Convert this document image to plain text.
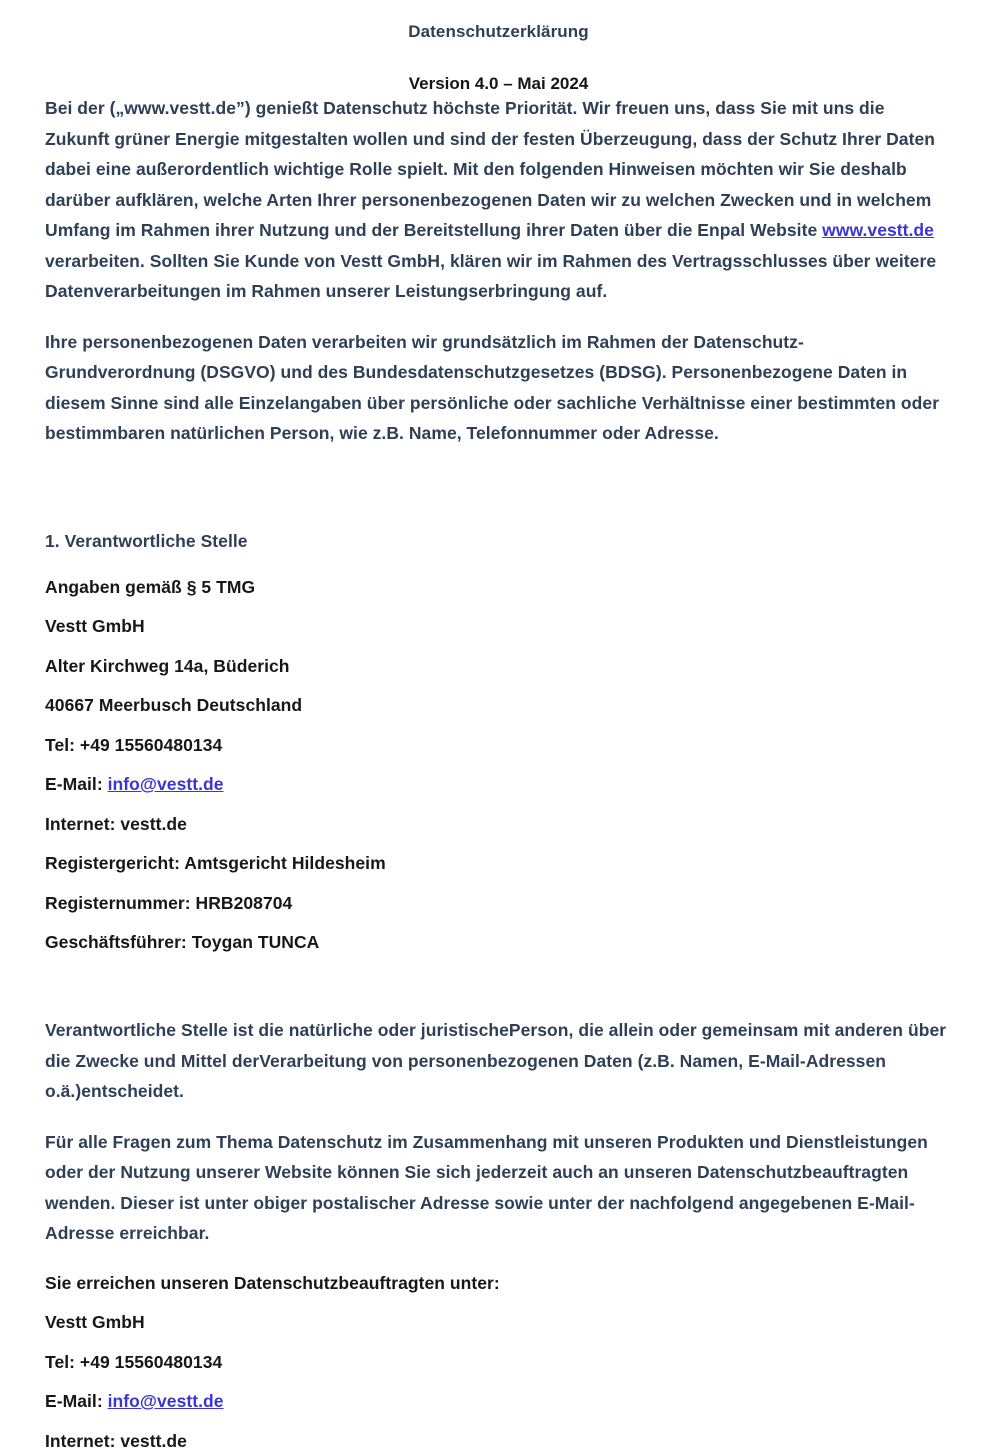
Datenschutzerklärung
Version 4.0 – Mai 2024

Bei der („www.vestt.de”) genießt Datenschutz höchste Priorität. Wir freuen uns, dass Sie mit uns die Zukunft grüner Energie mitgestalten wollen und sind der festen Überzeugung, dass der Schutz Ihrer Daten dabei eine außerordentlich wichtige Rolle spielt. Mit den folgenden Hinweisen möchten wir Sie deshalb darüber aufklären, welche Arten Ihrer personenbezogenen Daten wir zu welchen Zwecken und in welchem Umfang im Rahmen ihrer Nutzung und der Bereitstellung ihrer Daten über die Enpal Website www.vestt.de verarbeiten. Sollten Sie Kunde von Vestt GmbH, klären wir im Rahmen des Vertragsschlusses über weitere Datenverarbeitungen im Rahmen unserer Leistungserbringung auf.

Ihre personenbezogenen Daten verarbeiten wir grundsätzlich im Rahmen der Datenschutz-Grundverordnung (DSGVO) und des Bundesdatenschutzgesetzes (BDSG). Personenbezogene Daten in diesem Sinne sind alle Einzelangaben über persönliche oder sachliche Verhältnisse einer bestimmten oder bestimmbaren natürlichen Person, wie z.B. Name, Telefonnummer oder Adresse.

1. Verantwortliche Stelle
Angaben gemäß § 5 TMG
Vestt GmbH
Alter Kirchweg 14a, Büderich
40667 Meerbusch Deutschland
Tel: +49 15560480134
E-Mail: info@vestt.de
Internet: vestt.de
Registergericht: Amtsgericht Hildesheim
Registernummer: HRB208704
Geschäftsführer: Toygan TUNCA

Verantwortliche Stelle ist die natürliche oder juristischePerson, die allein oder gemeinsam mit anderen über die Zwecke und Mittel derVerarbeitung von personenbezogenen Daten (z.B. Namen, E-Mail-Adressen o.ä.)entscheidet.

Für alle Fragen zum Thema Datenschutz im Zusammenhang mit unseren Produkten und Dienstleistungen oder der Nutzung unserer Website können Sie sich jederzeit auch an unseren Datenschutzbeauftragten wenden. Dieser ist unter obiger postalischer Adresse sowie unter der nachfolgend angegebenen E-Mail-Adresse erreichbar.

Sie erreichen unseren Datenschutzbeauftragten unter:
Vestt GmbH
Tel: +49 15560480134
E-Mail: info@vestt.de
Internet: vestt.de
